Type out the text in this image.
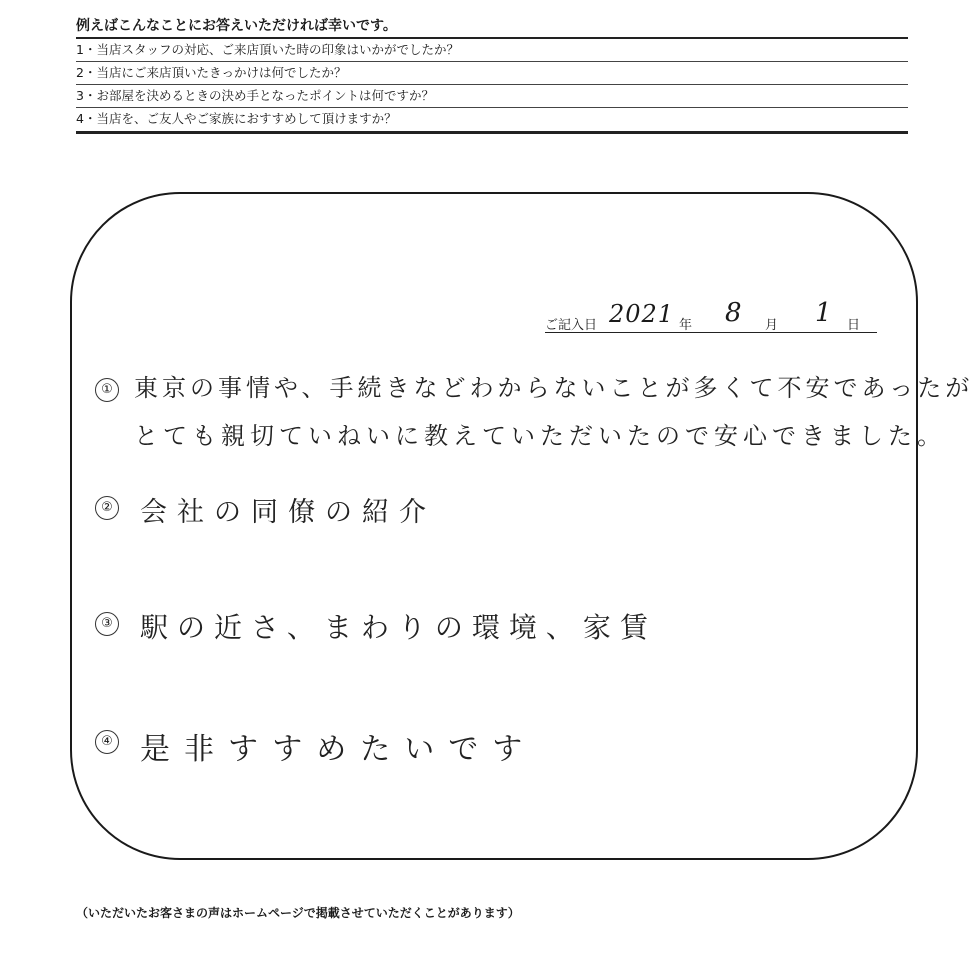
例えばこんなことにお答えいただければ幸いです。
1・当店スタッフの対応、ご来店頂いた時の印象はいかがでしたか？
2・当店にご来店頂いたきっかけは何でしたか？
3・お部屋を決めるときの決め手となったポイントは何ですか？
4・当店を、ご友人やご家族におすすめして頂けますか？
ご記入日 2021 年 8 月 1 日
① 東京の事情や、手続きなどわからないことが多くて不安であったが
とても親切ていねいに教えていただいたので安心できました。
② 会社の同僚の紹介
③ 駅の近さ、まわりの環境、家賃
④ 是非すすめたいです
（いただいたお客さまの声はホームページで掲載させていただくことがあります）
